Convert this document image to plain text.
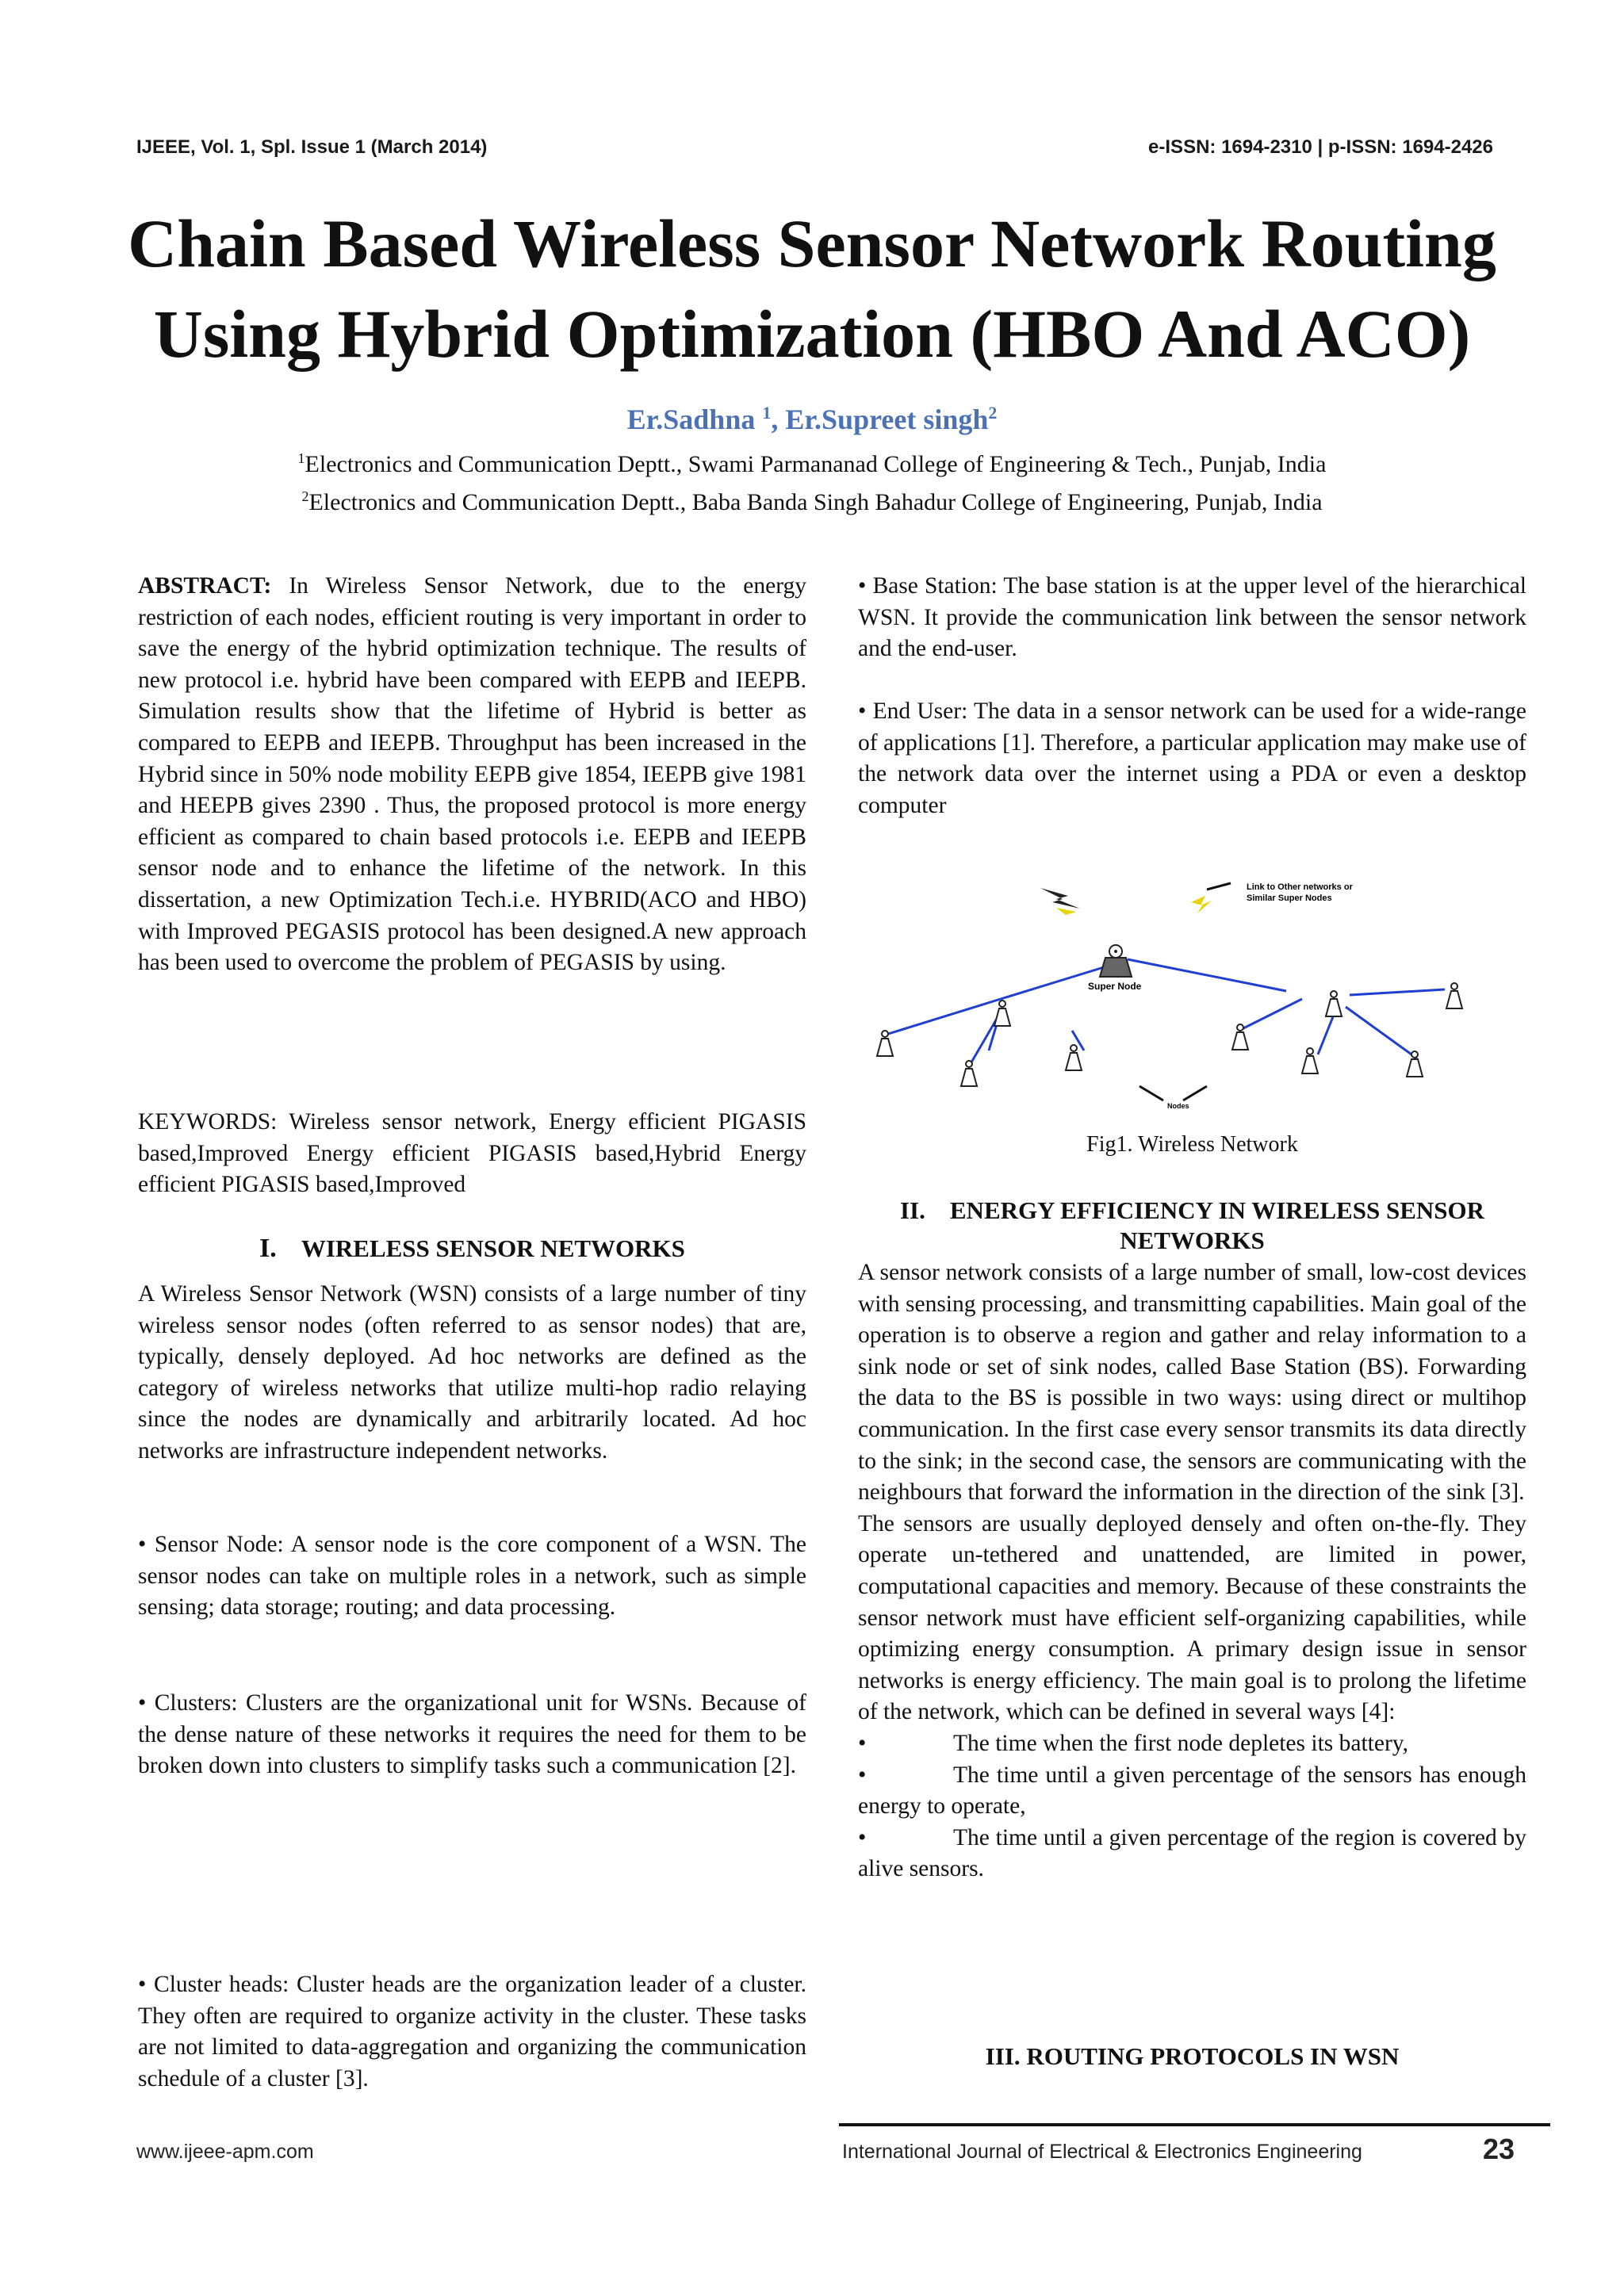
IJEEE, Vol. 1, Spl. Issue 1 (March 2014)	e-ISSN: 1694-2310 | p-ISSN: 1694-2426
Chain Based Wireless Sensor Network Routing
Using Hybrid Optimization (HBO And ACO)
Er.Sadhna $^1$, Er.Supreet singh$^2$
$^1$Electronics and Communication Deptt., Swami Parmananad College of Engineering & Tech., Punjab, India
$^2$Electronics and Communication Deptt., Baba Banda Singh Bahadur College of Engineering, Punjab, India

ABSTRACT: In Wireless Sensor Network, due to the energy restriction of each nodes, efficient routing is very important in order to save the energy of the hybrid optimization technique. The results of new protocol i.e. hybrid have been compared with EEPB and IEEPB. Simulation results show that the lifetime of Hybrid is better as compared to EEPB and IEEPB. Throughput has been increased in the Hybrid since in 50% node mobility EEPB give 1854, IEEPB give 1981 and HEEPB gives 2390 . Thus, the proposed protocol is more energy efficient as compared to chain based protocols i.e. EEPB and IEEPB sensor node and to enhance the lifetime of the network. In this dissertation, a new Optimization Tech.i.e. HYBRID(ACO and HBO) with Improved PEGASIS protocol has been designed.A new approach has been used to overcome the problem of PEGASIS by using.

KEYWORDS: Wireless sensor network, Energy efficient PIGASIS based,Improved Energy efficient PIGASIS based,Hybrid Energy efficient PIGASIS based,Improved

I. WIRELESS SENSOR NETWORKS

A Wireless Sensor Network (WSN) consists of a large number of tiny wireless sensor nodes (often referred to as sensor nodes) that are, typically, densely deployed. Ad hoc networks are defined as the category of wireless networks that utilize multi-hop radio relaying since the nodes are dynamically and arbitrarily located. Ad hoc networks are infrastructure independent networks.

• Sensor Node: A sensor node is the core component of a WSN. The sensor nodes can take on multiple roles in a network, such as simple sensing; data storage; routing; and data processing.

• Clusters: Clusters are the organizational unit for WSNs. Because of the dense nature of these networks it requires the need for them to be broken down into clusters to simplify tasks such a communication [2].

• Cluster heads: Cluster heads are the organization leader of a cluster. They often are required to organize activity in the cluster. These tasks are not limited to data-aggregation and organizing the communication schedule of a cluster [3].

• Base Station: The base station is at the upper level of the hierarchical WSN. It provide the communication link between the sensor network and the end-user.

• End User: The data in a sensor network can be used for a wide-range of applications [1]. Therefore, a particular application may make use of the network data over the internet using a PDA or even a desktop computer

Link to Other networks or
Similar Super Nodes
Super Node
Nodes
Fig1. Wireless Network
II. ENERGY EFFICIENCY IN WIRELESS SENSOR
NETWORKS

A sensor network consists of a large number of small, low-cost devices with sensing processing, and transmitting capabilities. Main goal of the operation is to observe a region and gather and relay information to a sink node or set of sink nodes, called Base Station (BS). Forwarding the data to the BS is possible in two ways: using direct or multihop communication. In the first case every sensor transmits its data directly to the sink; in the second case, the sensors are communicating with the neighbours that forward the information in the direction of the sink [3].

The sensors are usually deployed densely and often on-the-fly. They operate un-tethered and unattended, are limited in power, computational capacities and memory. Because of these constraints the sensor network must have efficient self-organizing capabilities, while optimizing energy consumption. A primary design issue in sensor networks is energy efficiency. The main goal is to prolong the lifetime of the network, which can be defined in several ways [4]:

•	The time when the first node depletes its battery,
•	The time until a given percentage of the sensors has enough energy to operate,
•	The time until a given percentage of the region is covered by alive sensors.
III. ROUTING PROTOCOLS IN WSN
www.ijeee-apm.com	International Journal of Electrical & Electronics Engineering	23
